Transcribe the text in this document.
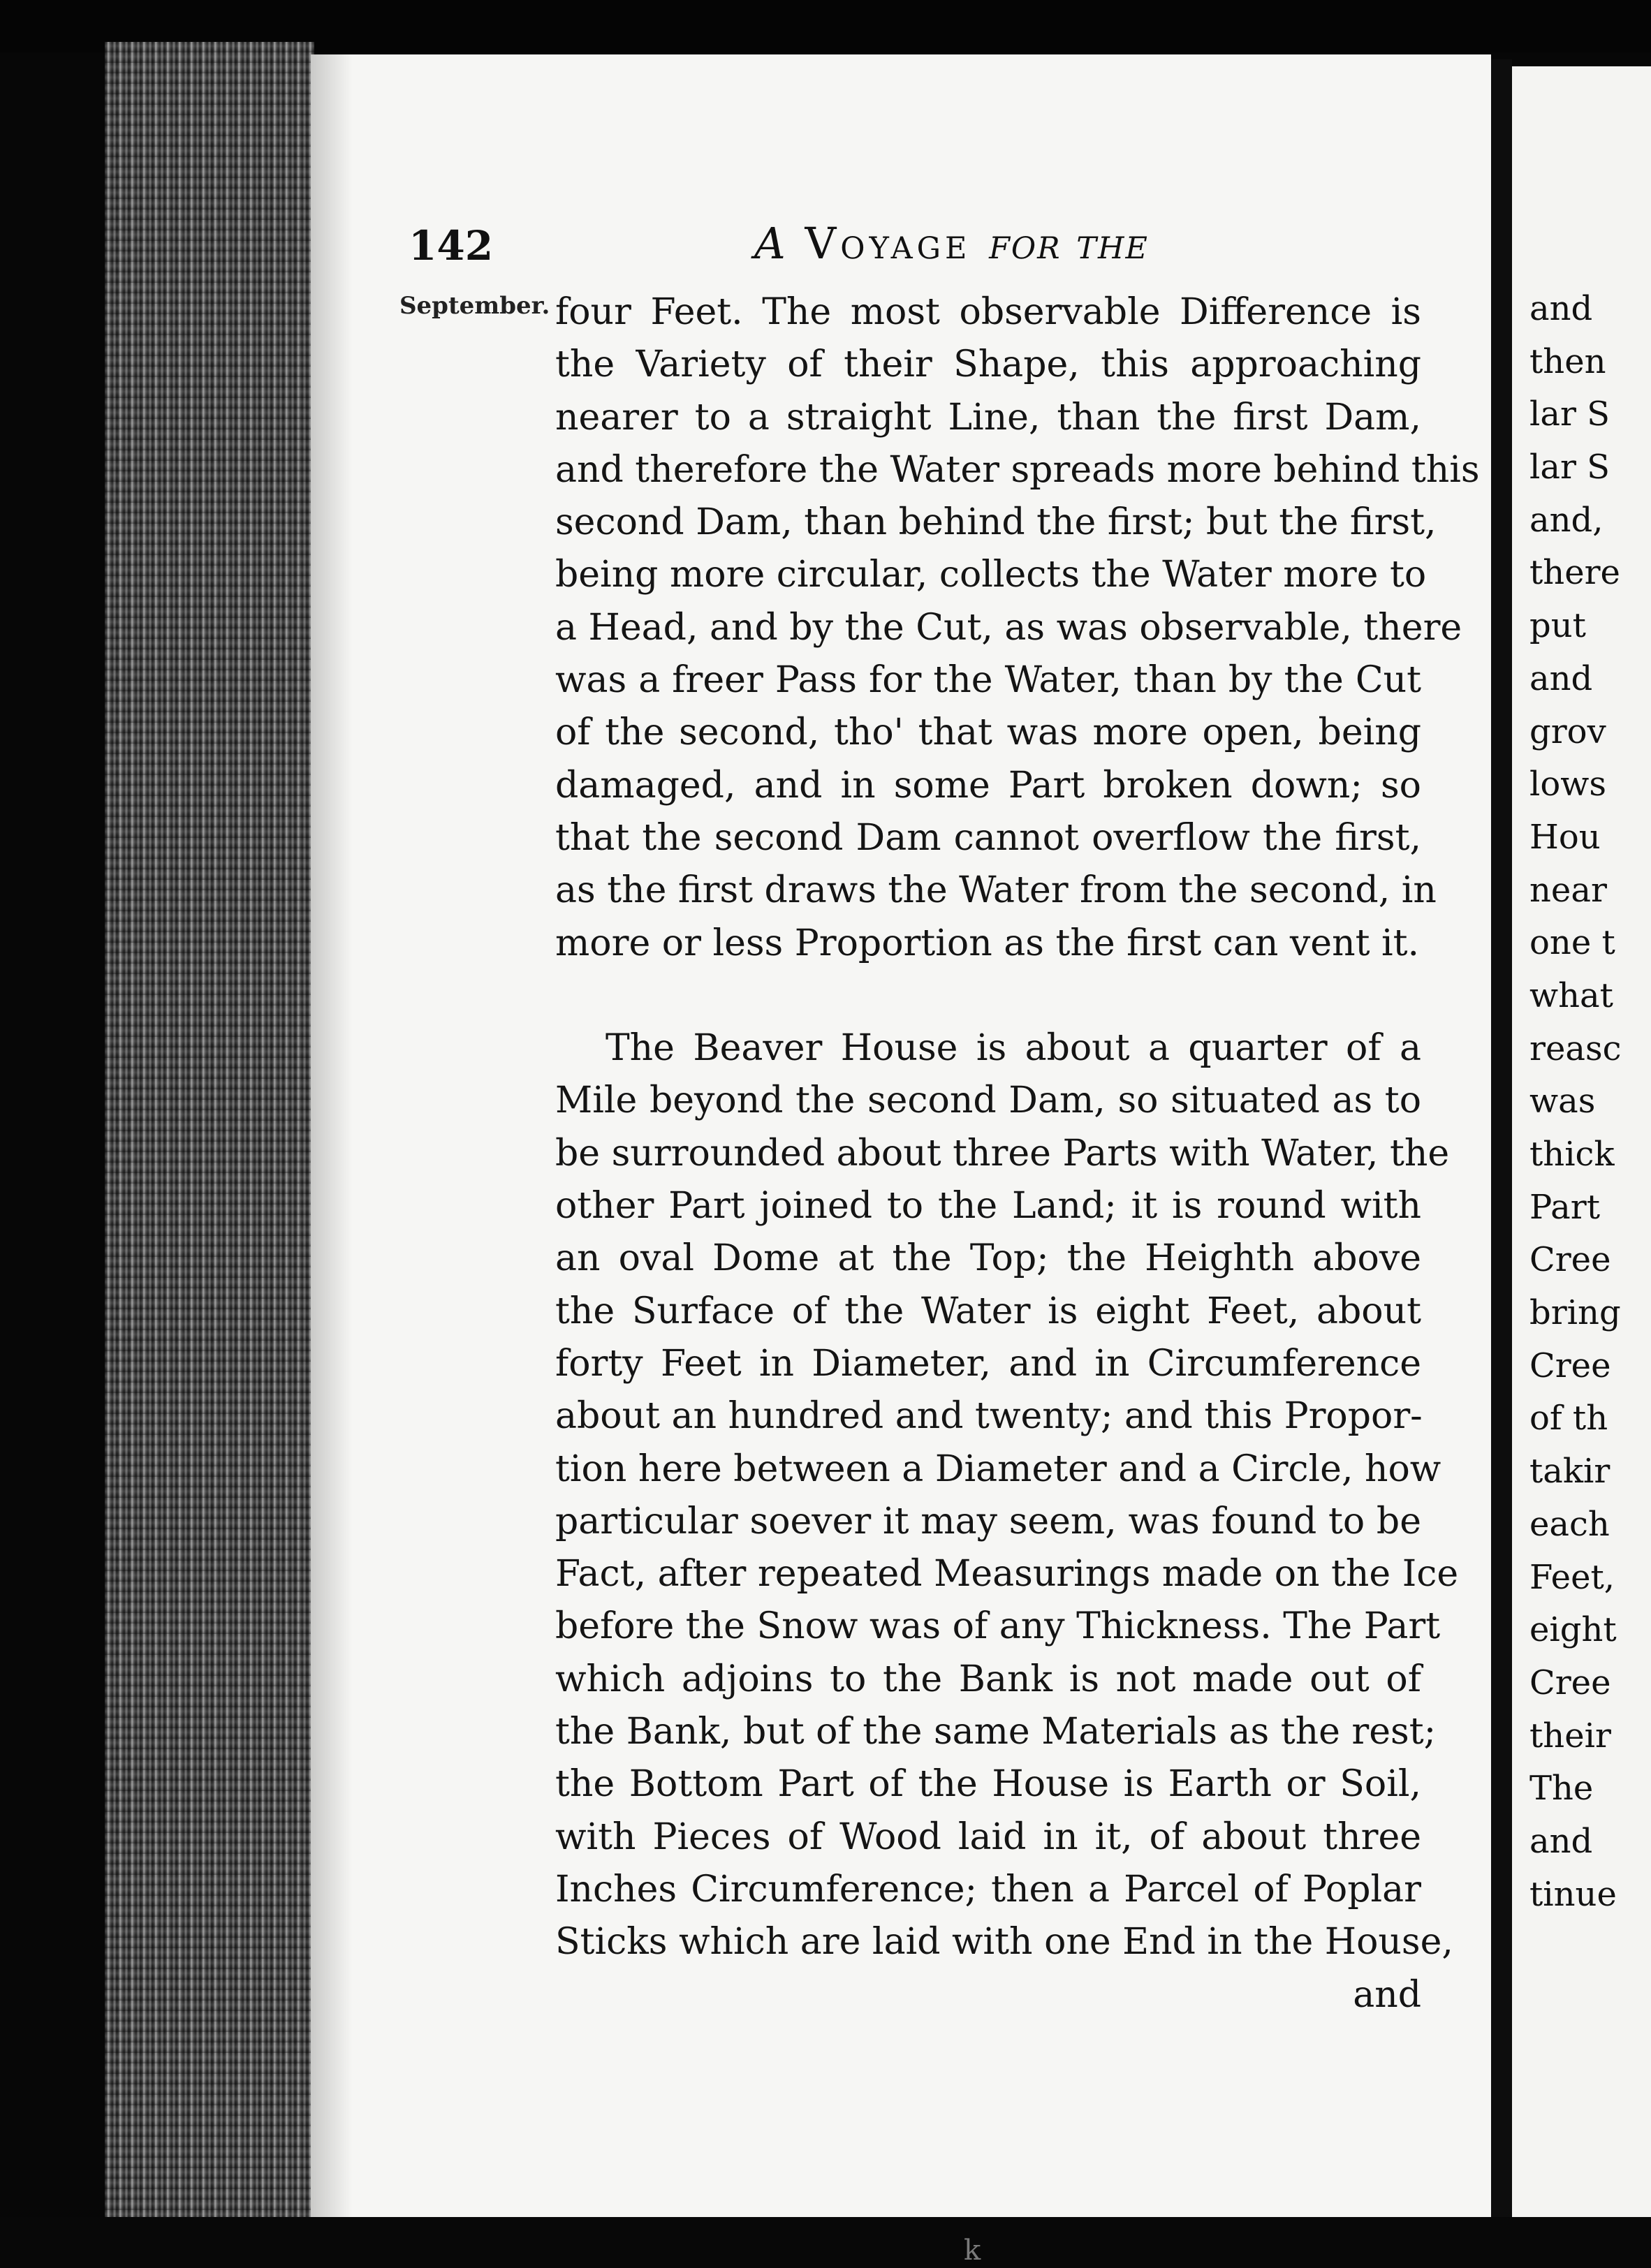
and
then
lar S
lar S
and,
there
put
and
grov
lows
Hou
near
one t
what
reasc
was
thick
Part
Cree
bring
Cree
of th
takir
each
Feet,
eight
Cree
their
The
and
tinue
142	A Voyage for the
September. four Feet. The most observable Difference is
the Variety of their Shape, this approaching
nearer to a straight Line, than the first Dam,
and therefore the Water spreads more behind this
second Dam, than behind the first; but the first,
being more circular, collects the Water more to
a Head, and by the Cut, as was observable, there
was a freer Pass for the Water, than by the Cut
of the second, tho' that was more open, being
damaged, and in some Part broken down; so
that the second Dam cannot overflow the first,
as the first draws the Water from the second, in
more or less Proportion as the first can vent it.
The Beaver House is about a quarter of a
Mile beyond the second Dam, so situated as to
be surrounded about three Parts with Water, the
other Part joined to the Land; it is round with
an oval Dome at the Top; the Heighth above
the Surface of the Water is eight Feet, about
forty Feet in Diameter, and in Circumference
about an hundred and twenty; and this Propor-
tion here between a Diameter and a Circle, how
particular soever it may seem, was found to be
Fact, after repeated Measurings made on the Ice
before the Snow was of any Thickness. The Part
which adjoins to the Bank is not made out of
the Bank, but of the same Materials as the rest;
the Bottom Part of the House is Earth or Soil,
with Pieces of Wood laid in it, of about three
Inches Circumference; then a Parcel of Poplar
Sticks which are laid with one End in the House,
and
k
